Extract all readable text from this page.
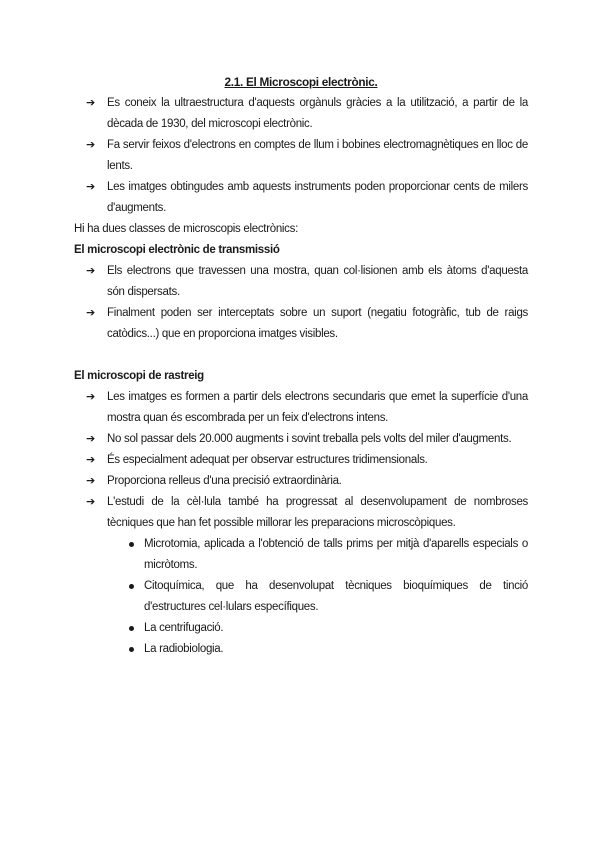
2.1. El Microscopi electrònic.
➔ Es coneix la ultraestructura d'aquests orgànuls gràcies a la utilització, a partir de la dècada de 1930, del microscopi electrònic.
➔ Fa servir feixos d'electrons en comptes de llum i bobines electromagnètiques en lloc de lents.
➔ Les imatges obtingudes amb aquests instruments poden proporcionar cents de milers d'augments.

Hi ha dues classes de microscopis electrònics:

El microscopi electrònic de transmissió

➔ Els electrons que travessen una mostra, quan col·lisionen amb els àtoms d'aquesta són dispersats.
➔ Finalment poden ser interceptats sobre un suport (negatiu fotogràfic, tub de raigs catòdics...) que en proporciona imatges visibles.

El microscopi de rastreig

➔ Les imatges es formen a partir dels electrons secundaris que emet la superfície d'una mostra quan és escombrada per un feix d'electrons intens.
➔ No sol passar dels 20.000 augments i sovint treballa pels volts del miler d'augments.
➔ És especialment adequat per observar estructures tridimensionals.
➔ Proporciona relleus d'una precisió extraordinària.
➔ L'estudi de la cèl·lula també ha progressat al desenvolupament de nombroses tècniques que han fet possible millorar les preparacions microscòpiques.
Microtomia, aplicada a l'obtenció de talls prims per mitjà d'aparells especials o micròtoms.
Citoquímica, que ha desenvolupat tècniques bioquímiques de tinció d'estructures cel·lulars específiques.
La centrifugació.
La radiobiologia.
